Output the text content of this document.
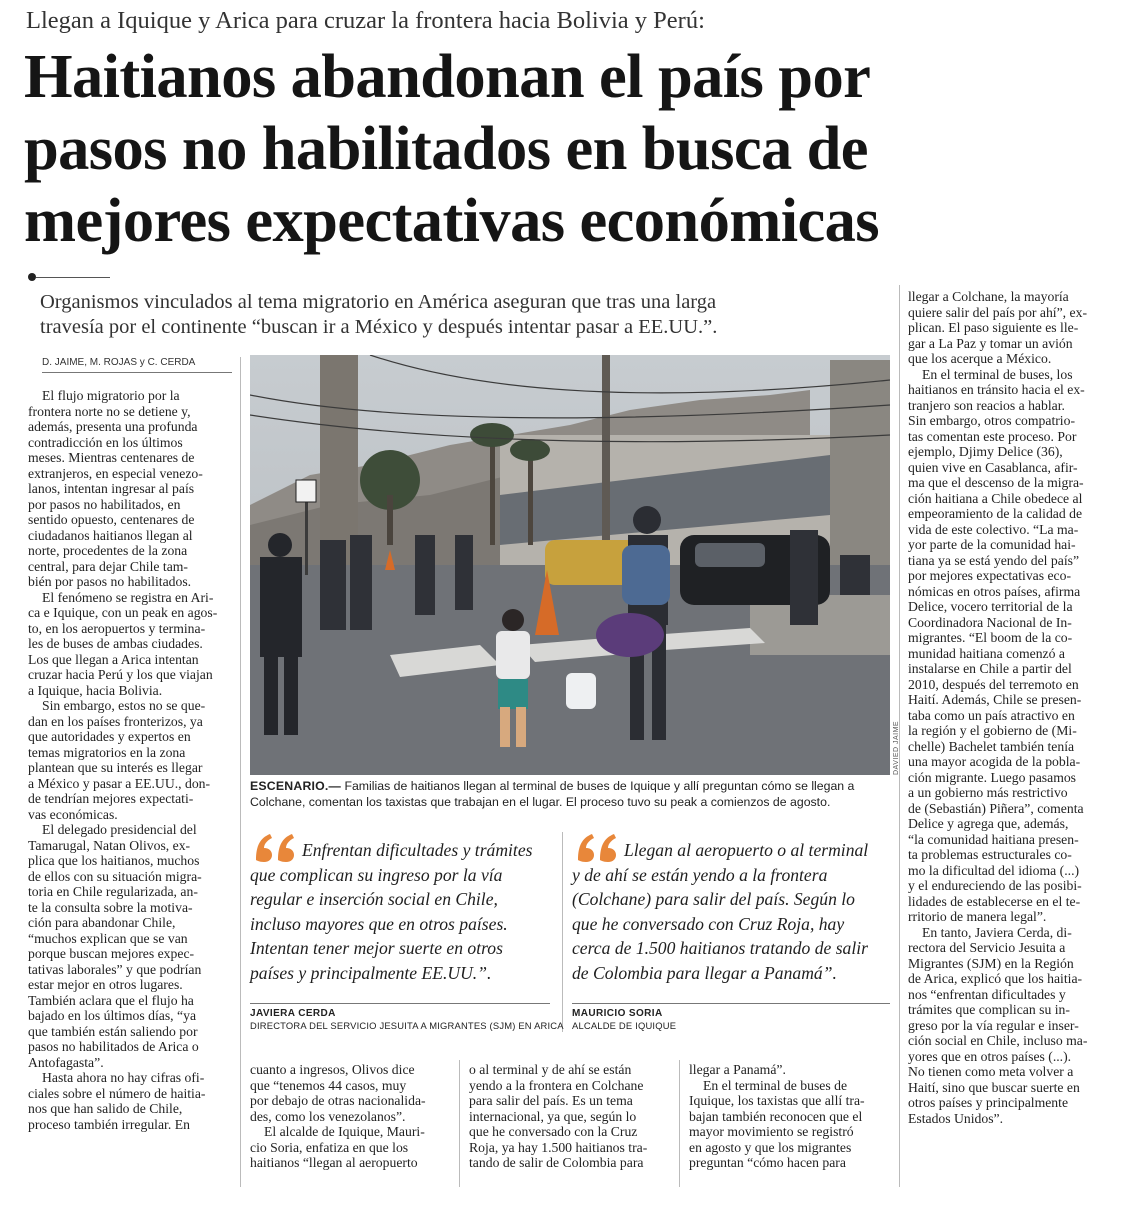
Llegan a Iquique y Arica para cruzar la frontera hacia Bolivia y Perú:
Haitianos abandonan el país por
pasos no habilitados en busca de
mejores expectativas económicas
Organismos vinculados al tema migratorio en América aseguran que tras una larga
travesía por el continente “buscan ir a México y después intentar pasar a EE.UU.”.
D. JAIME, M. ROJAS y C. CERDA
El flujo migratorio por la
frontera norte no se detiene y,
además, presenta una profunda
contradicción en los últimos
meses. Mientras centenares de
extranjeros, en especial venezo-
lanos, intentan ingresar al país
por pasos no habilitados, en
sentido opuesto, centenares de
ciudadanos haitianos llegan al
norte, procedentes de la zona
central, para dejar Chile tam-
bién por pasos no habilitados.
El fenómeno se registra en Ari-
ca e Iquique, con un peak en agos-
to, en los aeropuertos y termina-
les de buses de ambas ciudades.
Los que llegan a Arica intentan
cruzar hacia Perú y los que viajan
a Iquique, hacia Bolivia.
Sin embargo, estos no se que-
dan en los países fronterizos, ya
que autoridades y expertos en
temas migratorios en la zona
plantean que su interés es llegar
a México y pasar a EE.UU., don-
de tendrían mejores expectati-
vas económicas.
El delegado presidencial del
Tamarugal, Natan Olivos, ex-
plica que los haitianos, muchos
de ellos con su situación migra-
toria en Chile regularizada, an-
te la consulta sobre la motiva-
ción para abandonar Chile,
“muchos explican que se van
porque buscan mejores expec-
tativas laborales” y que podrían
estar mejor en otros lugares.
También aclara que el flujo ha
bajado en los últimos días, “ya
que también están saliendo por
pasos no habilitados de Arica o
Antofagasta”.
Hasta ahora no hay cifras ofi-
ciales sobre el número de haitia-
nos que han salido de Chile,
proceso también irregular. En
DAVIED JAIME
ESCENARIO.— Familias de haitianos llegan al terminal de buses de Iquique y allí preguntan cómo se llegan a
Colchane, comentan los taxistas que trabajan en el lugar. El proceso tuvo su peak a comienzos de agosto.
Enfrentan dificultades y trámites
que complican su ingreso por la vía
regular e inserción social en Chile,
incluso mayores que en otros países.
Intentan tener mejor suerte en otros
países y principalmente EE.UU.”.
JAVIERA CERDA
DIRECTORA DEL SERVICIO JESUITA A MIGRANTES (SJM) EN ARICA
Llegan al aeropuerto o al terminal
y de ahí se están yendo a la frontera
(Colchane) para salir del país. Según lo
que he conversado con Cruz Roja, hay
cerca de 1.500 haitianos tratando de salir
de Colombia para llegar a Panamá”.
MAURICIO SORIA
ALCALDE DE IQUIQUE
cuanto a ingresos, Olivos dice
que “tenemos 44 casos, muy
por debajo de otras nacionalida-
des, como los venezolanos”.
El alcalde de Iquique, Mauri-
cio Soria, enfatiza en que los
haitianos “llegan al aeropuerto
o al terminal y de ahí se están
yendo a la frontera en Colchane
para salir del país. Es un tema
internacional, ya que, según lo
que he conversado con la Cruz
Roja, ya hay 1.500 haitianos tra-
tando de salir de Colombia para
llegar a Panamá”.
En el terminal de buses de
Iquique, los taxistas que allí tra-
bajan también reconocen que el
mayor movimiento se registró
en agosto y que los migrantes
preguntan “cómo hacen para
llegar a Colchane, la mayoría
quiere salir del país por ahí”, ex-
plican. El paso siguiente es lle-
gar a La Paz y tomar un avión
que los acerque a México.
En el terminal de buses, los
haitianos en tránsito hacia el ex-
tranjero son reacios a hablar.
Sin embargo, otros compatrio-
tas comentan este proceso. Por
ejemplo, Djimy Delice (36),
quien vive en Casablanca, afir-
ma que el descenso de la migra-
ción haitiana a Chile obedece al
empeoramiento de la calidad de
vida de este colectivo. “La ma-
yor parte de la comunidad hai-
tiana ya se está yendo del país”
por mejores expectativas eco-
nómicas en otros países, afirma
Delice, vocero territorial de la
Coordinadora Nacional de In-
migrantes. “El boom de la co-
munidad haitiana comenzó a
instalarse en Chile a partir del
2010, después del terremoto en
Haití. Además, Chile se presen-
taba como un país atractivo en
la región y el gobierno de (Mi-
chelle) Bachelet también tenía
una mayor acogida de la pobla-
ción migrante. Luego pasamos
a un gobierno más restrictivo
de (Sebastián) Piñera”, comenta
Delice y agrega que, además,
“la comunidad haitiana presen-
ta problemas estructurales co-
mo la dificultad del idioma (...)
y el endureciendo de las posibi-
lidades de establecerse en el te-
rritorio de manera legal”.
En tanto, Javiera Cerda, di-
rectora del Servicio Jesuita a
Migrantes (SJM) en la Región
de Arica, explicó que los haitia-
nos “enfrentan dificultades y
trámites que complican su in-
greso por la vía regular e inser-
ción social en Chile, incluso ma-
yores que en otros países (...).
No tienen como meta volver a
Haití, sino que buscar suerte en
otros países y principalmente
Estados Unidos”.
